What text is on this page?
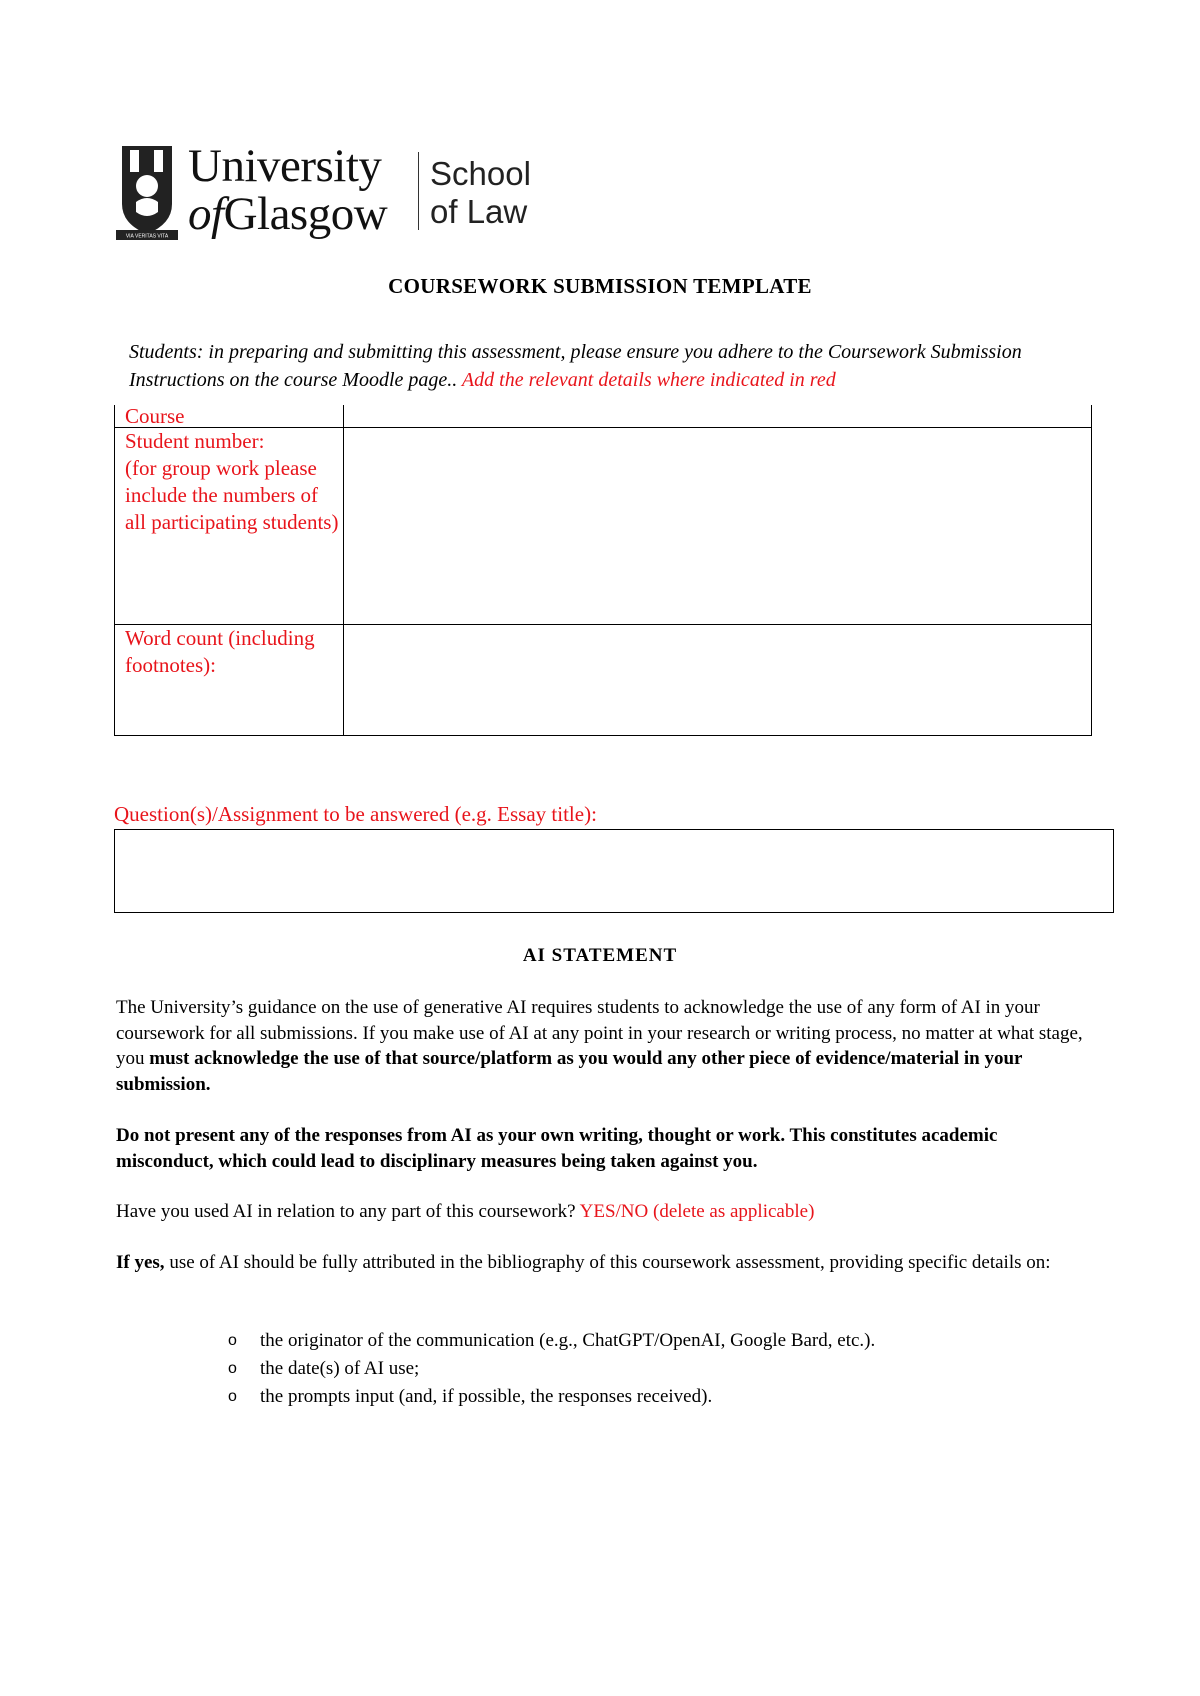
VIA VERITAS VITA
University
ofGlasgow
School
of Law
COURSEWORK SUBMISSION TEMPLATE
Students: in preparing and submitting this assessment, please ensure you adhere to the Coursework Submission Instructions on the course Moodle page.. Add the relevant details where indicated in red
Course	

Student number:
(for group work please include the numbers of all participating students)	

Word count (including footnotes):	
Question(s)/Assignment to be answered (e.g. Essay title):
AI STATEMENT
The University’s guidance on the use of generative AI requires students to acknowledge the use of any form of AI in your coursework for all submissions. If you make use of AI at any point in your research or writing process, no matter at what stage, you must acknowledge the use of that source/platform as you would any other piece of evidence/material in your submission.
Do not present any of the responses from AI as your own writing, thought or work. This constitutes academic misconduct, which could lead to disciplinary measures being taken against you.
Have you used AI in relation to any part of this coursework? YES/NO (delete as applicable)
If yes, use of AI should be fully attributed in the bibliography of this coursework assessment, providing specific details on:
o the originator of the communication (e.g., ChatGPT/OpenAI, Google Bard, etc.).
o the date(s) of AI use;
o the prompts input (and, if possible, the responses received).
